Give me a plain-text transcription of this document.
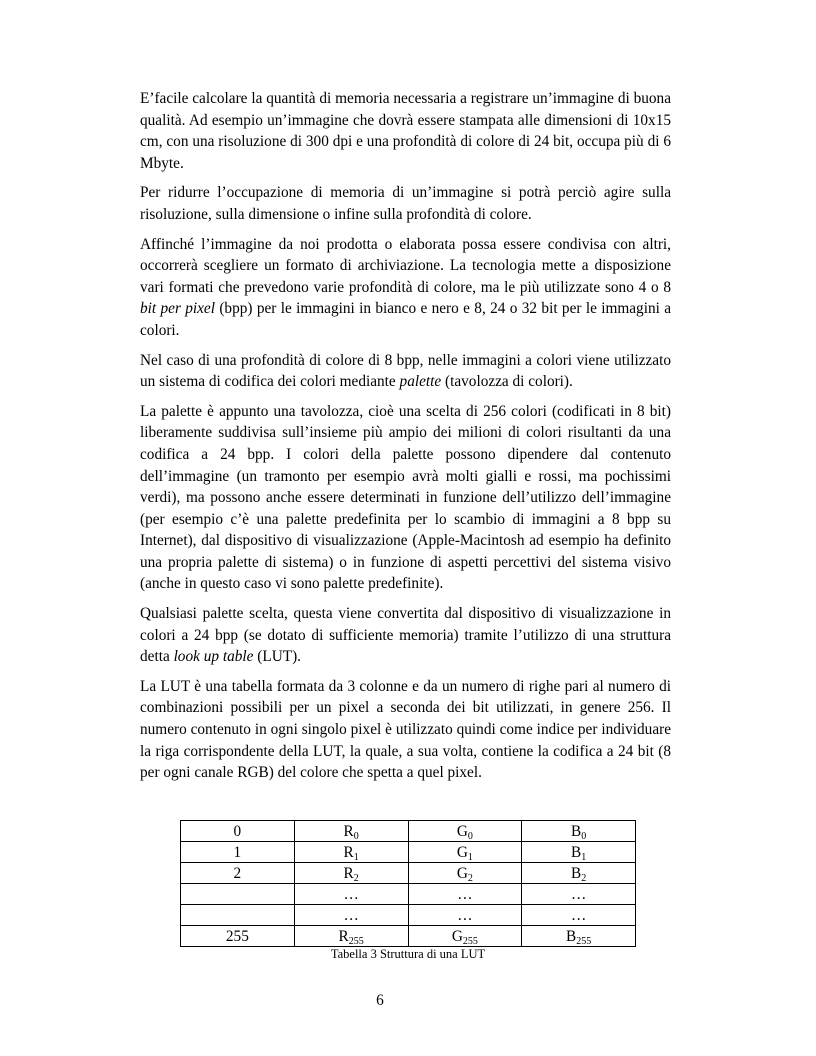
E’facile calcolare la quantità di memoria necessaria a registrare un’immagine di buona qualità. Ad esempio un’immagine che dovrà essere stampata alle dimensioni di 10x15 cm, con una risoluzione di 300 dpi e una profondità di colore di 24 bit, occupa più di 6 Mbyte.

Per ridurre l’occupazione di memoria di un’immagine si potrà perciò agire sulla risoluzione, sulla dimensione o infine sulla profondità di colore.

Affinché l’immagine da noi prodotta o elaborata possa essere condivisa con altri, occorrerà scegliere un formato di archiviazione. La tecnologia mette a disposizione vari formati che prevedono varie profondità di colore, ma le più utilizzate sono 4 o 8 bit per pixel (bpp) per le immagini in bianco e nero e 8, 24 o 32 bit per le immagini a colori.

Nel caso di una profondità di colore di 8 bpp, nelle immagini a colori viene utilizzato un sistema di codifica dei colori mediante palette (tavolozza di colori).

La palette è appunto una tavolozza, cioè una scelta di 256 colori (codificati in 8 bit) liberamente suddivisa sull’insieme più ampio dei milioni di colori risultanti da una codifica a 24 bpp. I colori della palette possono dipendere dal contenuto dell’immagine (un tramonto per esempio avrà molti gialli e rossi, ma pochissimi verdi), ma possono anche essere determinati in funzione dell’utilizzo dell’immagine (per esempio c’è una palette predefinita per lo scambio di immagini a 8 bpp su Internet), dal dispositivo di visualizzazione (Apple-Macintosh ad esempio ha definito una propria palette di sistema) o in funzione di aspetti percettivi del sistema visivo (anche in questo caso vi sono palette predefinite).

Qualsiasi palette scelta, questa viene convertita dal dispositivo di visualizzazione in colori a 24 bpp (se dotato di sufficiente memoria) tramite l’utilizzo di una struttura detta look up table (LUT).

La LUT è una tabella formata da 3 colonne e da un numero di righe pari al numero di combinazioni possibili per un pixel a seconda dei bit utilizzati, in genere 256. Il numero contenuto in ogni singolo pixel è utilizzato quindi come indice per individuare la riga corrispondente della LUT, la quale, a sua volta, contiene la codifica a 24 bit (8 per ogni canale RGB) del colore che spetta a quel pixel.

0	$R_0$	$G_0$	$B_0$
1	$R_1$	$G_1$	$B_1$
2	$R_2$	$G_2$	$B_2$
	…	…	…
	…	…	…
255	$R_{255}$	$G_{255}$	$B_{255}$
Tabella 3 Struttura di una LUT
6
